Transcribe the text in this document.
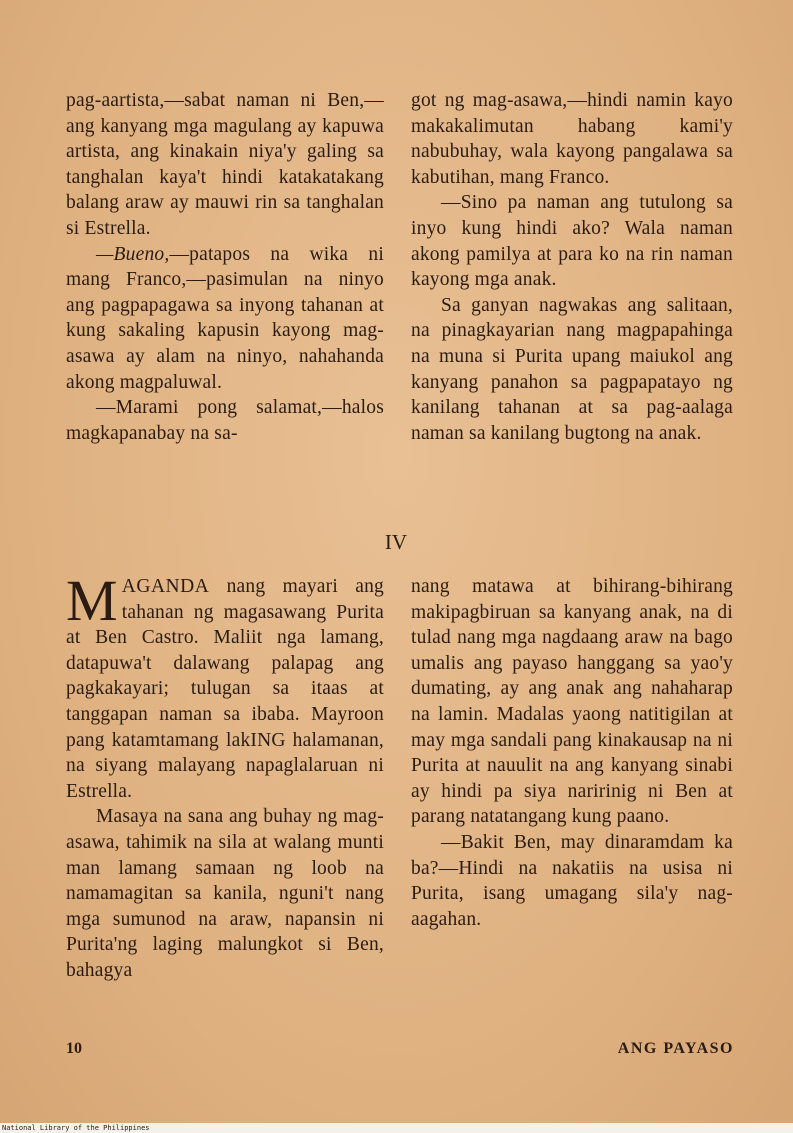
pag-aartista,—sabat naman ni Ben,—ang kanyang mga magulang ay kapuwa artista, ang kinakain niya'y galing sa tanghalan kaya't hindi katakatakang balang araw ay mauwi rin sa tanghalan si Estrella.

—Bueno,—patapos na wika ni mang Franco,—pasimulan na ninyo ang pagpapagawa sa inyong tahanan at kung sakaling kapusin kayong mag-asawa ay alam na ninyo, nahahanda akong magpaluwal.

—Marami pong salamat,—halos magkapanabay na sa-

got ng mag-asawa,—hindi namin kayo makakalimutan habang kami'y nabubuhay, wala kayong pangalawa sa kabutihan, mang Franco.

—Sino pa naman ang tutulong sa inyo kung hindi ako? Wala naman akong pamilya at para ko na rin naman kayong mga anak.

Sa ganyan nagwakas ang salitaan, na pinagkayarian nang magpapahinga na muna si Purita upang maiukol ang kanyang panahon sa pagpapatayo ng kanilang tahanan at sa pag-aalaga naman sa kanilang bugtong na anak.

IV

MAGANDA nang mayari ang tahanan ng magasawang Purita at Ben Castro. Maliit nga lamang, datapuwa't dalawang palapag ang pagkakayari; tulugan sa itaas at tanggapan naman sa ibaba. Mayroon pang katamtamang lakING halamanan, na siyang malayang napaglalaruan ni Estrella.

Masaya na sana ang buhay ng mag-asawa, tahimik na sila at walang munti man lamang samaan ng loob na namamagitan sa kanila, nguni't nang mga sumunod na araw, napansin ni Purita'ng laging malungkot si Ben, bahagya

nang matawa at bihirang-bihirang makipagbiruan sa kanyang anak, na di tulad nang mga nagdaang araw na bago umalis ang payaso hanggang sa yao'y dumating, ay ang anak ang nahaharap na lamin. Madalas yaong natitigilan at may mga sandali pang kinakausap na ni Purita at nauulit na ang kanyang sinabi ay hindi pa siya naririnig ni Ben at parang natatangang kung paano.

—Bakit Ben, may dinaramdam ka ba?—Hindi na nakatiis na usisa ni Purita, isang umagang sila'y nag-aagahan.

10	ANG PAYASO
National Library of the Philippines
